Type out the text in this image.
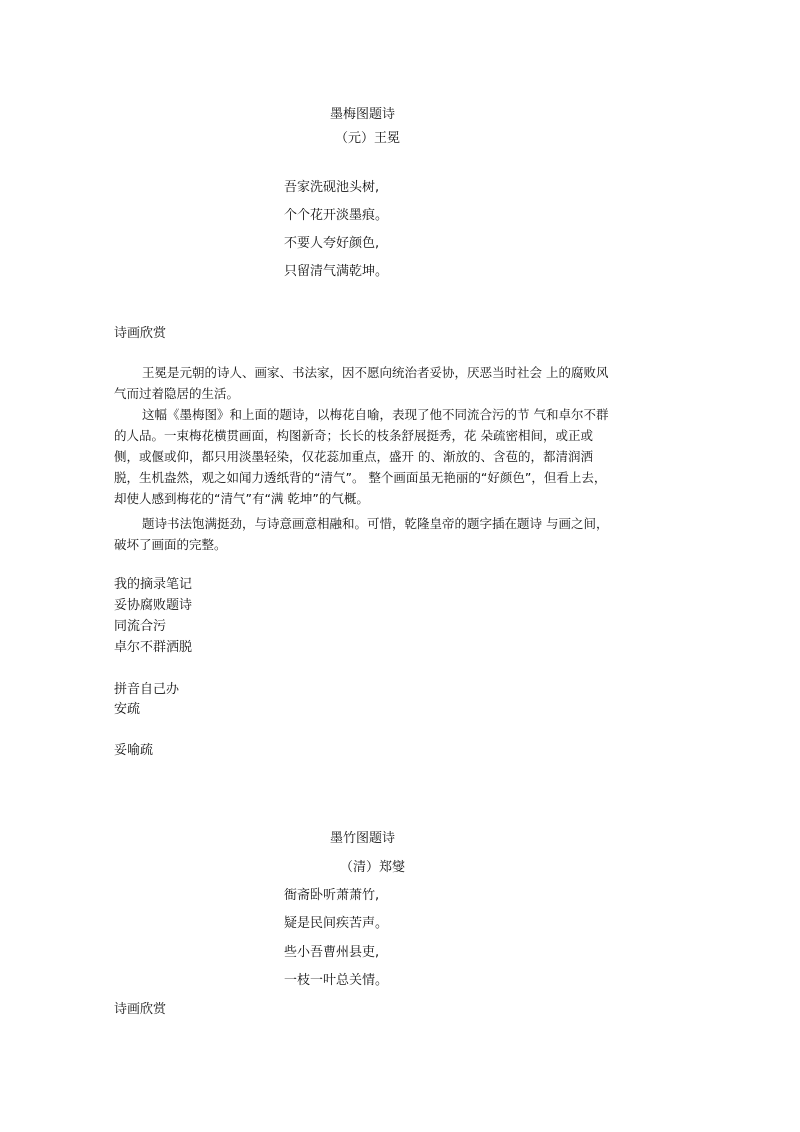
墨梅图题诗
（元）王冕
吾家洗砚池头树,
个个花开淡墨痕。
不要人夸好颜色,
只留清气满乾坤。
诗画欣赏
王冕是元朝的诗人、画家、书法家，因不愿向统治者妥协，厌恶当时社会 上的腐败风气而过着隐居的生活。
这幅《墨梅图》和上面的题诗，以梅花自喻，表现了他不同流合污的节 气和卓尔不群的人品。一束梅花横贯画面，构图新奇；长长的枝条舒展挺秀，花 朵疏密相间，或正或侧，或偃或仰，都只用淡墨轻染，仅花蕊加重点，盛开 的、渐放的、含苞的，都清润洒脱，生机盎然，观之如闻力透纸背的“清气”。 整个画面虽无艳丽的“好颜色”，但看上去，却使人感到梅花的“清气”有“满 乾坤”的气概。
题诗书法饱满挺劲，与诗意画意相融和。可惜，乾隆皇帝的题字插在题诗 与画之间，破坏了画面的完整。
我的摘录笔记
妥协腐败题诗
同流合污
卓尔不群洒脱
拼音自己办
安疏
妥喻疏
墨竹图题诗
（清）郑燮
衙斋卧听萧萧竹,
疑是民间疾苦声。
些小吾曹州县吏,
一枝一叶总关情。
诗画欣赏
